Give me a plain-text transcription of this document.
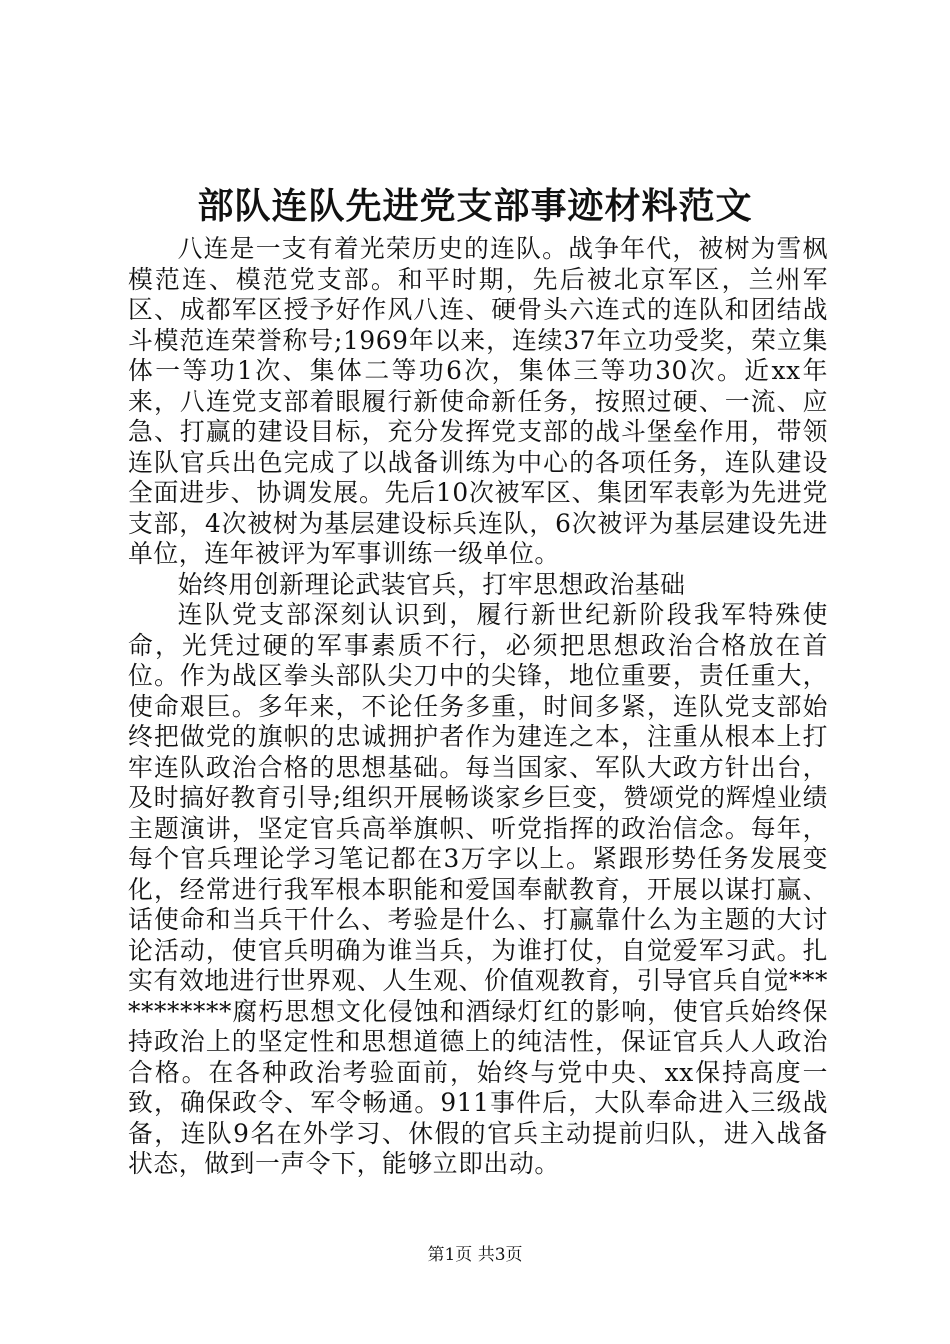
部队连队先进党支部事迹材料范文

八连是一支有着光荣历史的连队。战争年代，被树为雪枫模范连、模范党支部。和平时期，先后被北京军区，兰州军区、成都军区授予好作风八连、硬骨头六连式的连队和团结战斗模范连荣誉称号;1969年以来，连续37年立功受奖，荣立集体一等功1次、集体二等功6次，集体三等功30次。近xx年来，八连党支部着眼履行新使命新任务，按照过硬、一流、应急、打赢的建设目标，充分发挥党支部的战斗堡垒作用，带领连队官兵出色完成了以战备训练为中心的各项任务，连队建设全面进步、协调发展。先后10次被军区、集团军表彰为先进党支部，4次被树为基层建设标兵连队，6次被评为基层建设先进单位，连年被评为军事训练一级单位。

始终用创新理论武装官兵，打牢思想政治基础

连队党支部深刻认识到，履行新世纪新阶段我军特殊使命，光凭过硬的军事素质不行，必须把思想政治合格放在首位。作为战区拳头部队尖刀中的尖锋，地位重要，责任重大，使命艰巨。多年来，不论任务多重，时间多紧，连队党支部始终把做党的旗帜的忠诚拥护者作为建连之本，注重从根本上打牢连队政治合格的思想基础。每当国家、军队大政方针出台，及时搞好教育引导;组织开展畅谈家乡巨变，赞颂党的辉煌业绩主题演讲，坚定官兵高举旗帜、听党指挥的政治信念。每年，每个官兵理论学习笔记都在3万字以上。紧跟形势任务发展变化，经常进行我军根本职能和爱国奉献教育，开展以谋打赢、话使命和当兵干什么、考验是什么、打赢靠什么为主题的大讨论活动，使官兵明确为谁当兵，为谁打仗，自觉爱军习武。扎实有效地进行世界观、人生观、价值观教育，引导官兵自觉***********腐朽思想文化侵蚀和酒绿灯红的影响，使官兵始终保持政治上的坚定性和思想道德上的纯洁性，保证官兵人人政治合格。在各种政治考验面前，始终与党中央、xx保持高度一致，确保政令、军令畅通。911事件后，大队奉命进入三级战备，连队9名在外学习、休假的官兵主动提前归队，进入战备状态，做到一声令下，能够立即出动。

第1页 共3页
